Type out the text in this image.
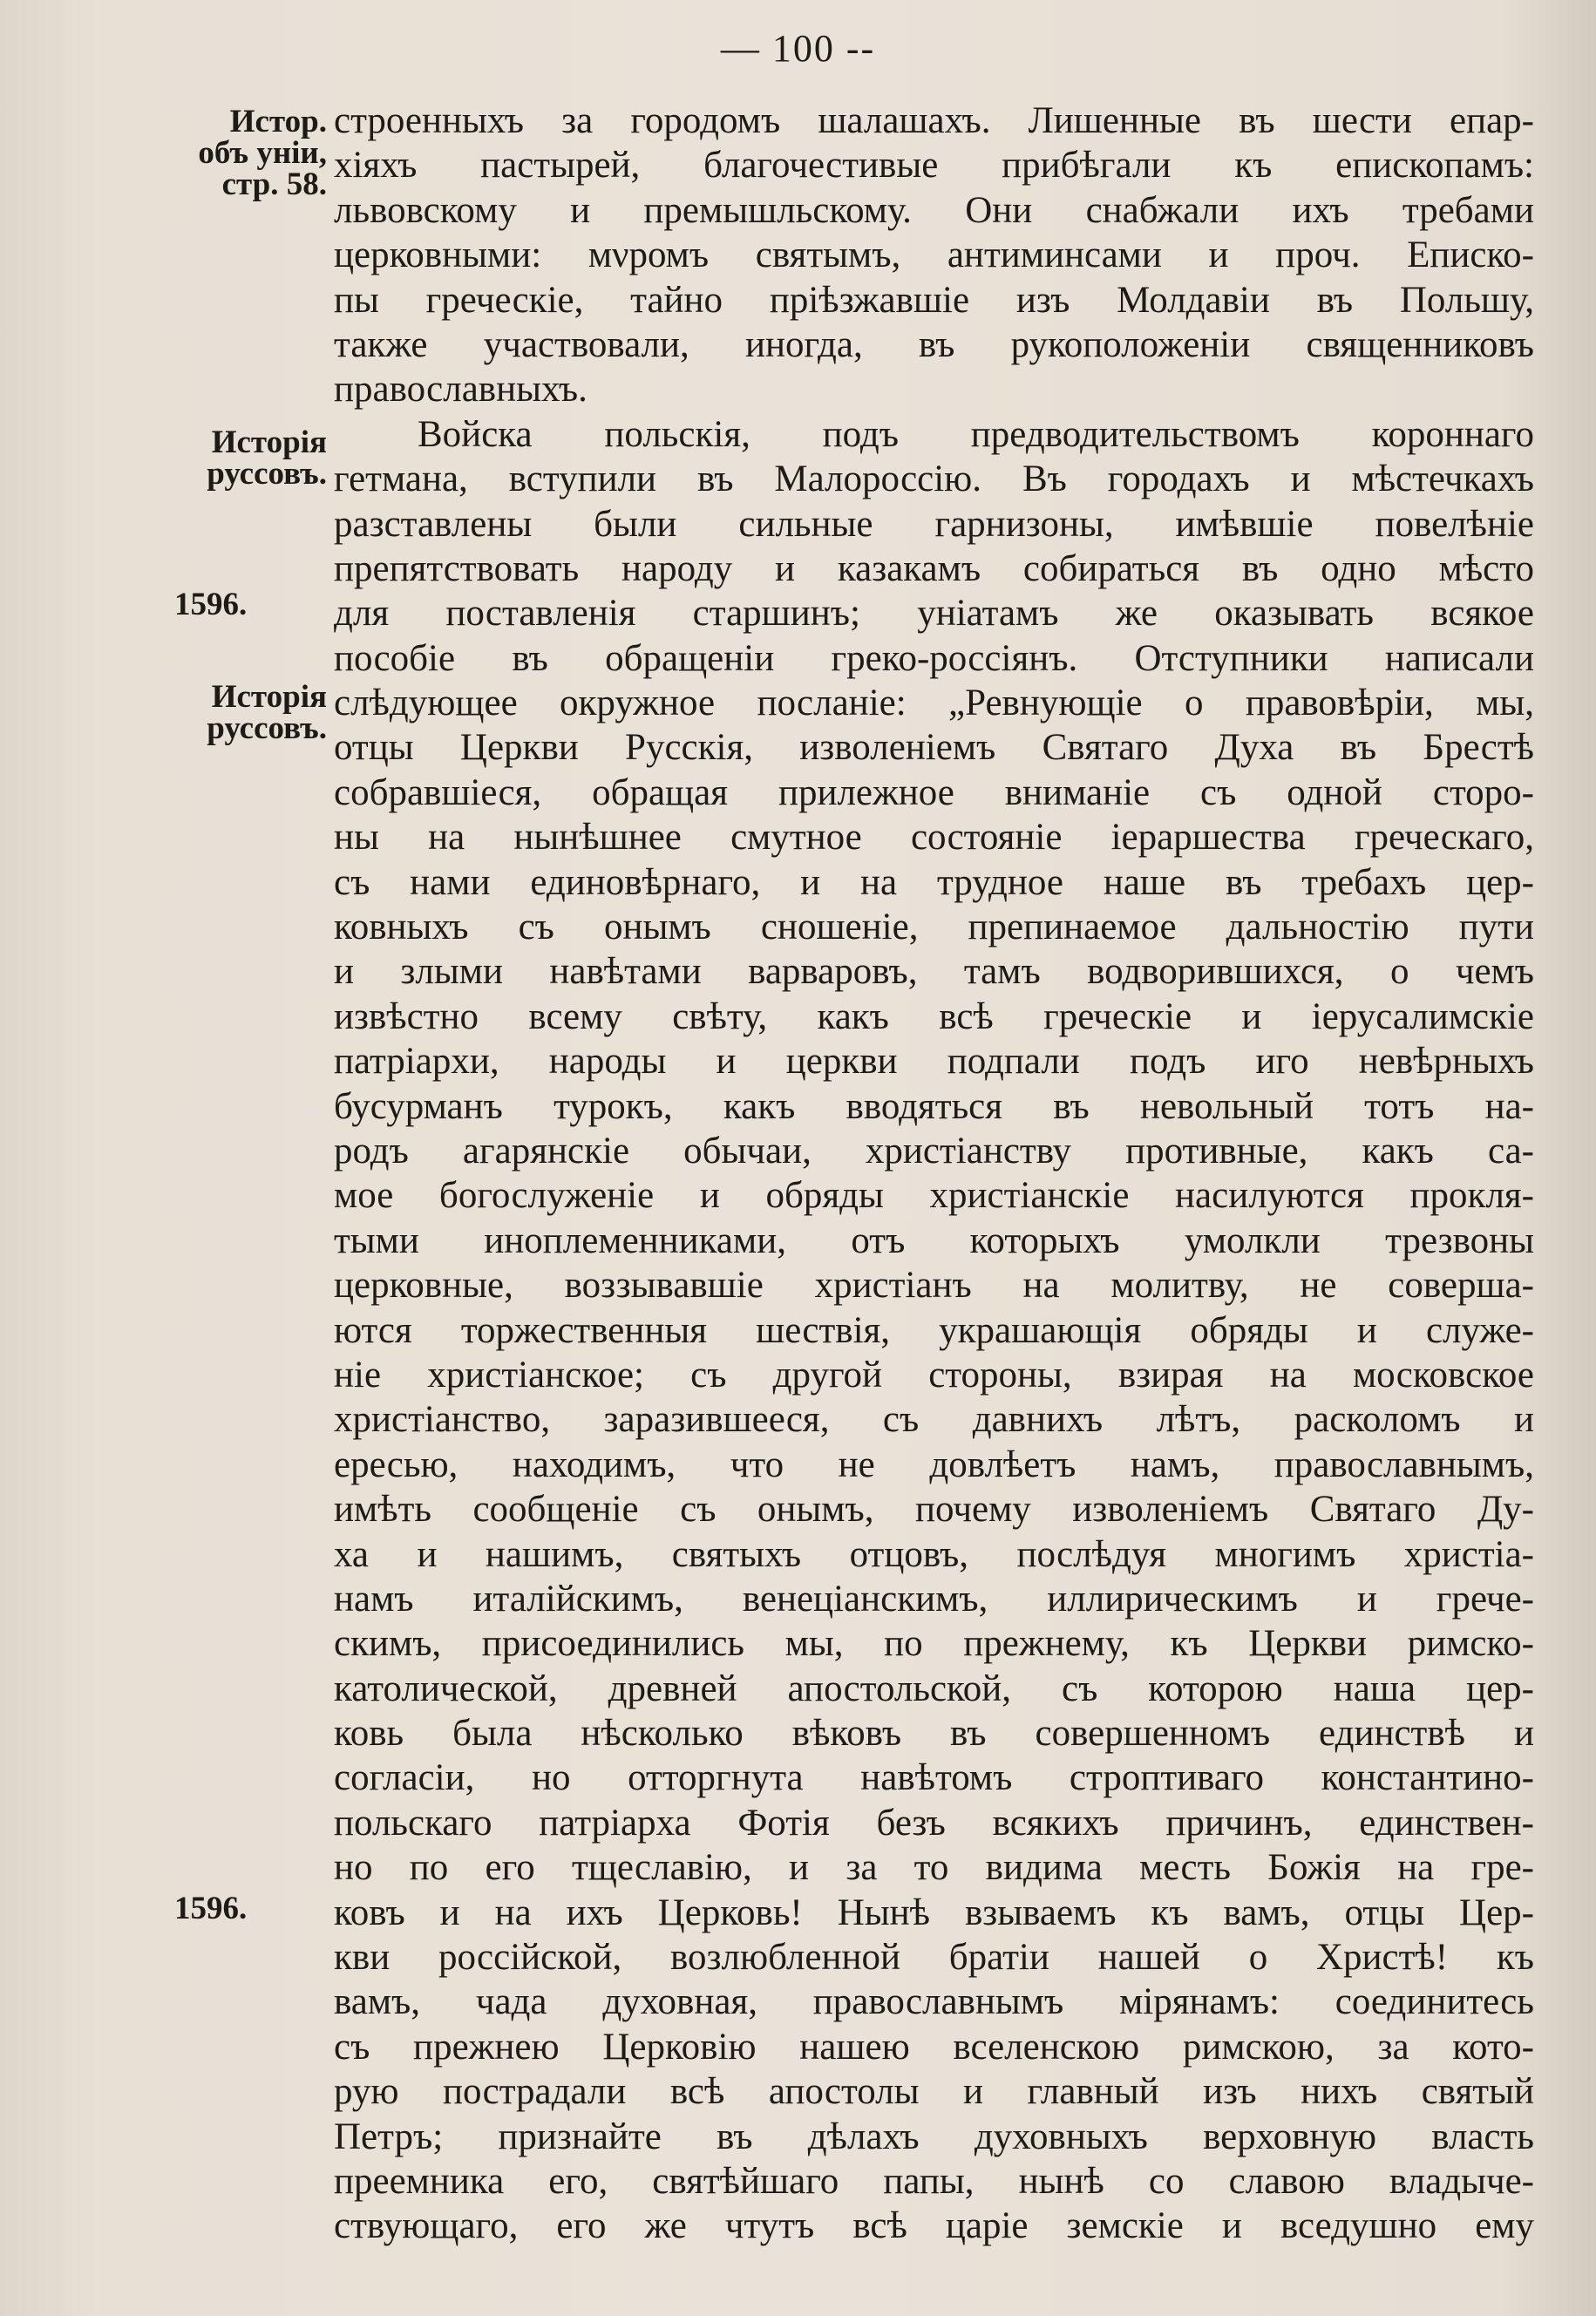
— 100 --
Истор.
объ уніи,
стр. 58.
Исторія
руссовъ.
1596.
Исторія
руссовъ.
1596.
строенныхъ за городомъ шалашахъ. Лишенные въ шести епар-
хіяхъ пастырей, благочестивые прибѣгали къ епископамъ:
львовскому и премышльскому. Они снабжали ихъ требами
церковными: мνромъ святымъ, антиминсами и проч. Еписко-
пы греческіе, тайно пріѣзжавшіе изъ Молдавіи въ Польшу,
также участвовали, иногда, въ рукоположеніи священниковъ
православныхъ.
Войска польскія, подъ предводительствомъ короннаго
гетмана, вступили въ Малороссію. Въ городахъ и мѣстечкахъ
разставлены были сильные гарнизоны, имѣвшіе повелѣніе
препятствовать народу и казакамъ собираться въ одно мѣсто
для поставленія старшинъ; уніатамъ же оказывать всякое
пособіе въ обращеніи греко-россіянъ. Отступники написали
слѣдующее окружное посланіе: „Ревнующіе о правовѣріи, мы,
отцы Церкви Русскія, изволеніемъ Святаго Духа въ Брестѣ
собравшіеся, обращая прилежное вниманіе съ одной сторо-
ны на нынѣшнее смутное состояніе іераршества греческаго,
съ нами единовѣрнаго, и на трудное наше въ требахъ цер-
ковныхъ съ онымъ сношеніе, препинаемое дальностію пути
и злыми навѣтами варваровъ, тамъ водворившихся, о чемъ
извѣстно всему свѣту, какъ всѣ греческіе и іерусалимскіе
патріархи, народы и церкви подпали подъ иго невѣрныхъ
бусурманъ турокъ, какъ вводяться въ невольный тотъ на-
родъ агарянскіе обычаи, христіанству противные, какъ са-
мое богослуженіе и обряды христіанскіе насилуются прокля-
тыми иноплеменниками, отъ которыхъ умолкли трезвоны
церковные, воззывавшіе христіанъ на молитву, не соверша-
ются торжественныя шествія, украшающія обряды и служе-
ніе христіанское; съ другой стороны, взирая на московское
христіанство, заразившееся, съ давнихъ лѣтъ, расколомъ и
ересью, находимъ, что не довлѣетъ намъ, православнымъ,
имѣть сообщеніе съ онымъ, почему изволеніемъ Святаго Ду-
ха и нашимъ, святыхъ отцовъ, послѣдуя многимъ христіа-
намъ италійскимъ, венеціанскимъ, иллирическимъ и грече-
скимъ, присоединились мы, по прежнему, къ Церкви римско-
католической, древней апостольской, съ которою наша цер-
ковь была нѣсколько вѣковъ въ совершенномъ единствѣ и
согласіи, но отторгнута навѣтомъ строптиваго константино-
польскаго патріарха Фотія безъ всякихъ причинъ, единствен-
но по его тщеславію, и за то видима месть Божія на гре-
ковъ и на ихъ Церковь! Нынѣ взываемъ къ вамъ, отцы Цер-
кви россійской, возлюбленной братіи нашей о Христѣ! къ
вамъ, чада духовная, православнымъ мірянамъ: соединитесь
съ прежнею Церковію нашею вселенскою римскою, за кото-
рую пострадали всѣ апостолы и главный изъ нихъ святый
Петръ; признайте въ дѣлахъ духовныхъ верховную власть
преемника его, святѣйшаго папы, нынѣ со славою владыче-
ствующаго, его же чтутъ всѣ царіе земскіе и вседушно ему
